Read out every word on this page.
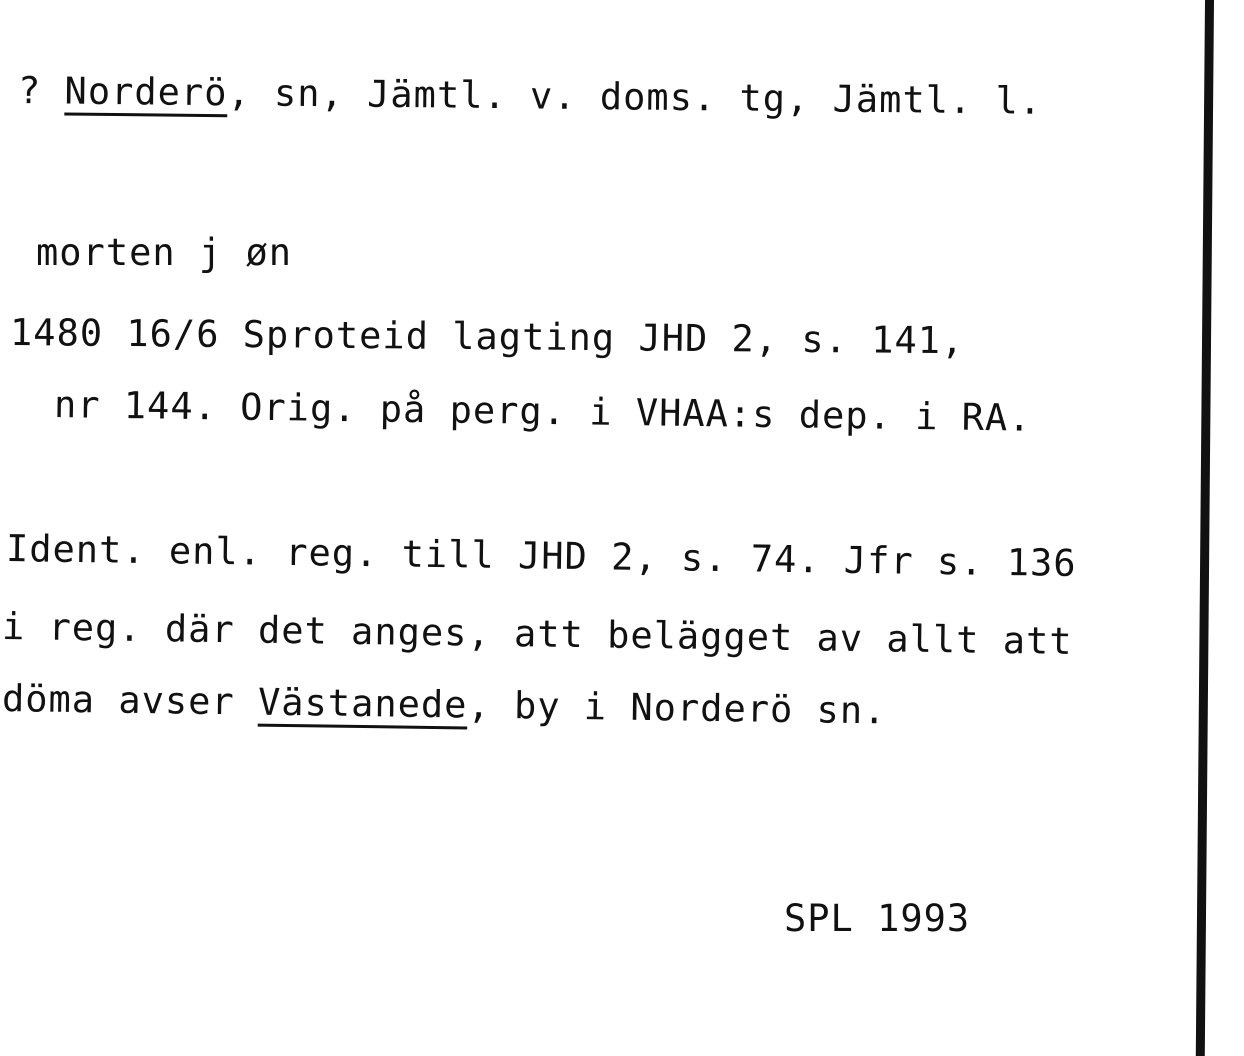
? Norderö, sn, Jämtl. v. doms. tg, Jämtl. l.
morten j øn
1480 16/6 Sproteid lagting JHD 2, s. 141,
nr 144. Orig. på perg. i VHAA:s dep. i RA.
Ident. enl. reg. till JHD 2, s. 74. Jfr s. 136
i reg. där det anges, att belägget av allt att
döma avser Västanede, by i Norderö sn.
SPL 1993
